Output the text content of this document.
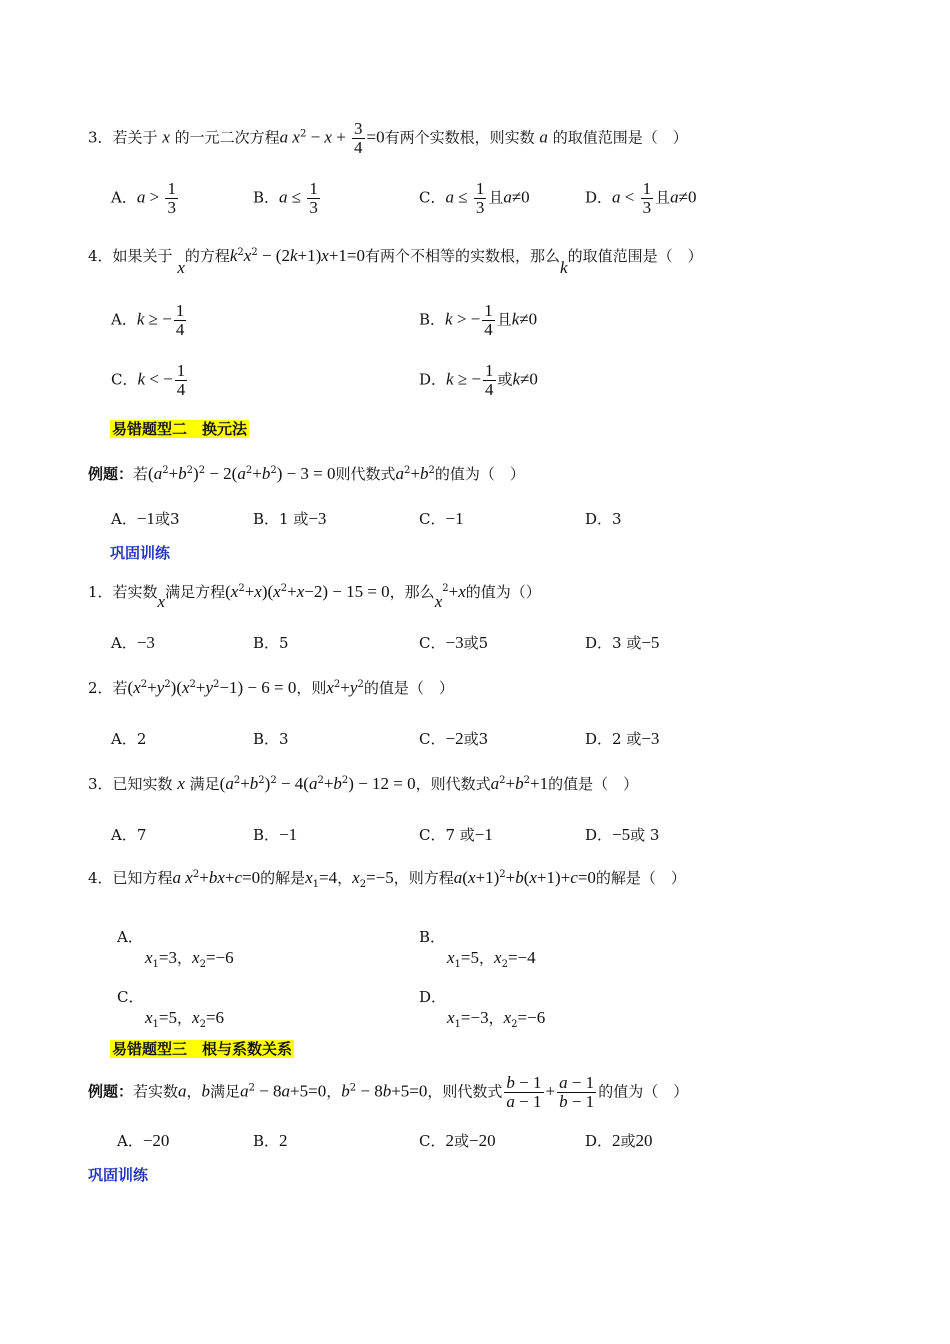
3．若关于 x 的一元二次方程a $x^2 - x + \frac{3}{4} =0$有两个实数根，则实数 a 的取值范围是（　）
A．$a > \frac{1}{3}$	B．$a \le \frac{1}{3}$	C．$a \le \frac{1}{3}$ 且a≠0	D．$a < \frac{1}{3}$ 且a≠0
4．如果关于 x的方程$k^2x^2 - (2k+1)x+1=0$有两个不相等的实数根，那么k的取值范围是（　）
A．k ≥ − $\frac{1}{4}$	B．k > − $\frac{1}{4}$ 且k≠0
C．k < − $\frac{1}{4}$	D．k ≥ − $\frac{1}{4}$ 或k≠0
易错题型二　换元法
例题：若$(a^2+b^2)^2 - 2(a^2+b^2) - 3 = 0$则代数式$a^2+b^2$的值为（　）
A．−1或3	B．1 或−3	C．−1	D．3
巩固训练
1．若实数x满足方程$(x^2+x)(x^2+x-2) - 15 = 0$，那么$x^2+x$的值为（）
A．−3	B．5	C．−3或5	D．3 或−5
2．若$(x^2+y^2)(x^2+y^2-1) - 6 = 0$，则$x^2+y^2$的值是（　）
A．2	B．3	C．−2或3	D．2 或−3
3．已知实数 x 满足$(a^2+b^2)^2 - 4(a^2+b^2) - 12 = 0$，则代数式$a^2+b^2+1$的值是（　）
A．7	B．−1	C．7 或−1	D．−5或 3
4．已知方程a $x^2+bx+c=0$的解是$x_1=4$，$x_2=-5$，则方程$a(x+1)^2+b(x+1)+c=0$的解是（　）
A．
$x_1=3$，$x_2=-6$
B．
$x_1=5$，$x_2=-4$
C．
$x_1=5$，$x_2=6$
D．
$x_1=-3$，$x_2=-6$
易错题型三　根与系数关系
例题：若实数a，b满足$a^2 - 8a+5=0$，$b^2 - 8b+5=0$，则代数式 $\frac{b - 1}{a - 1} + \frac{a - 1}{b - 1}$ 的值为（　）
A．−20	B．2	C．2或−20	D．2或20
巩固训练
